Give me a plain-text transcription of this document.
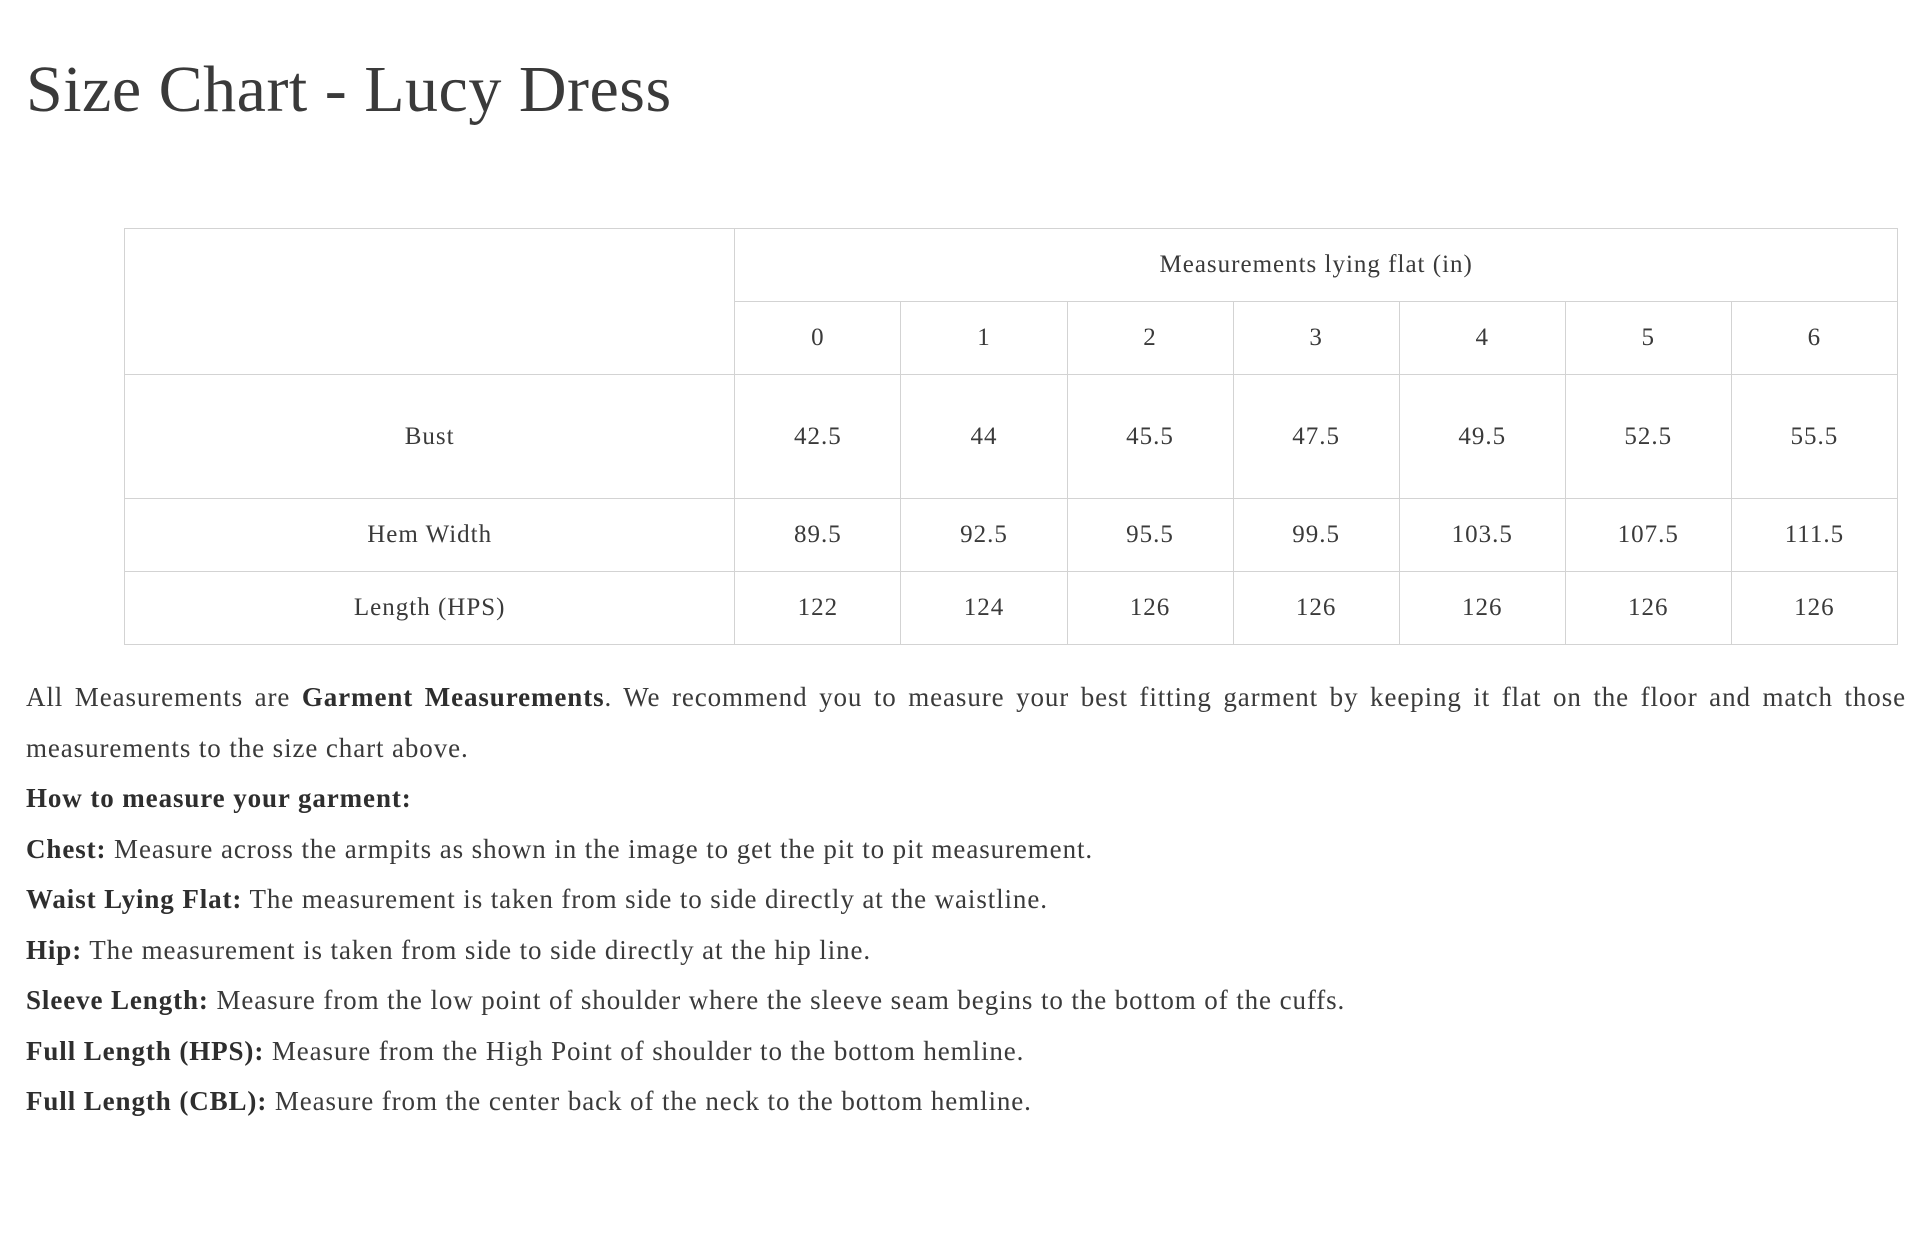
Size Chart - Lucy Dress
	Measurements lying flat (in)						
	0	1	2	3	4	5	6
Bust	42.5	44	45.5	47.5	49.5	52.5	55.5
Hem Width	89.5	92.5	95.5	99.5	103.5	107.5	111.5
Length (HPS)	122	124	126	126	126	126	126

All Measurements are Garment Measurements. We recommend you to measure your best fitting garment by keeping it flat on the floor and match those measurements to the size chart above.

How to measure your garment:

Chest: Measure across the armpits as shown in the image to get the pit to pit measurement.

Waist Lying Flat: The measurement is taken from side to side directly at the waistline.

Hip: The measurement is taken from side to side directly at the hip line.

Sleeve Length: Measure from the low point of shoulder where the sleeve seam begins to the bottom of the cuffs.

Full Length (HPS): Measure from the High Point of shoulder to the bottom hemline.

Full Length (CBL): Measure from the center back of the neck to the bottom hemline.
